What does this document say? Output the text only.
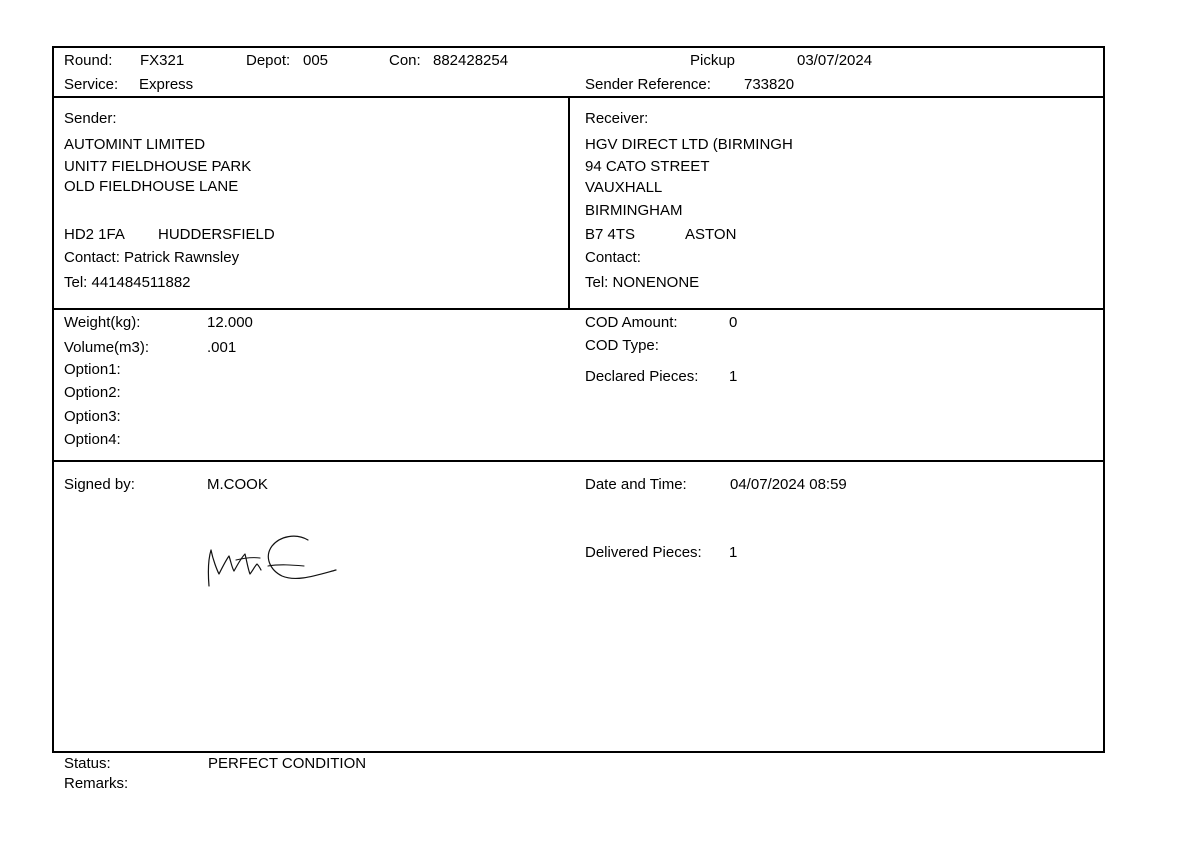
Round: FX321	Depot: 005	Con: 882428254	Pickup	03/07/2024
Service: Express	Sender Reference: 733820
Sender:
AUTOMINT LIMITED
UNIT7 FIELDHOUSE PARK
OLD FIELDHOUSE LANE
HD2 1FA HUDDERSFIELD
Contact: Patrick Rawnsley
Tel: 441484511882
Receiver:
HGV DIRECT LTD (BIRMINGH
94 CATO STREET
VAUXHALL
BIRMINGHAM
B7 4TS	ASTON
Contact:
Tel: NONENONE
Weight(kg):	12.000
Volume(m3):	.001
Option1:
Option2:
Option3:
Option4:
COD Amount:	0
COD Type:
Declared Pieces: 1
Signed by:	M.COOK	Date and Time:	04/07/2024 08:59
Delivered Pieces: 1
Status:	PERFECT CONDITION
Remarks:
